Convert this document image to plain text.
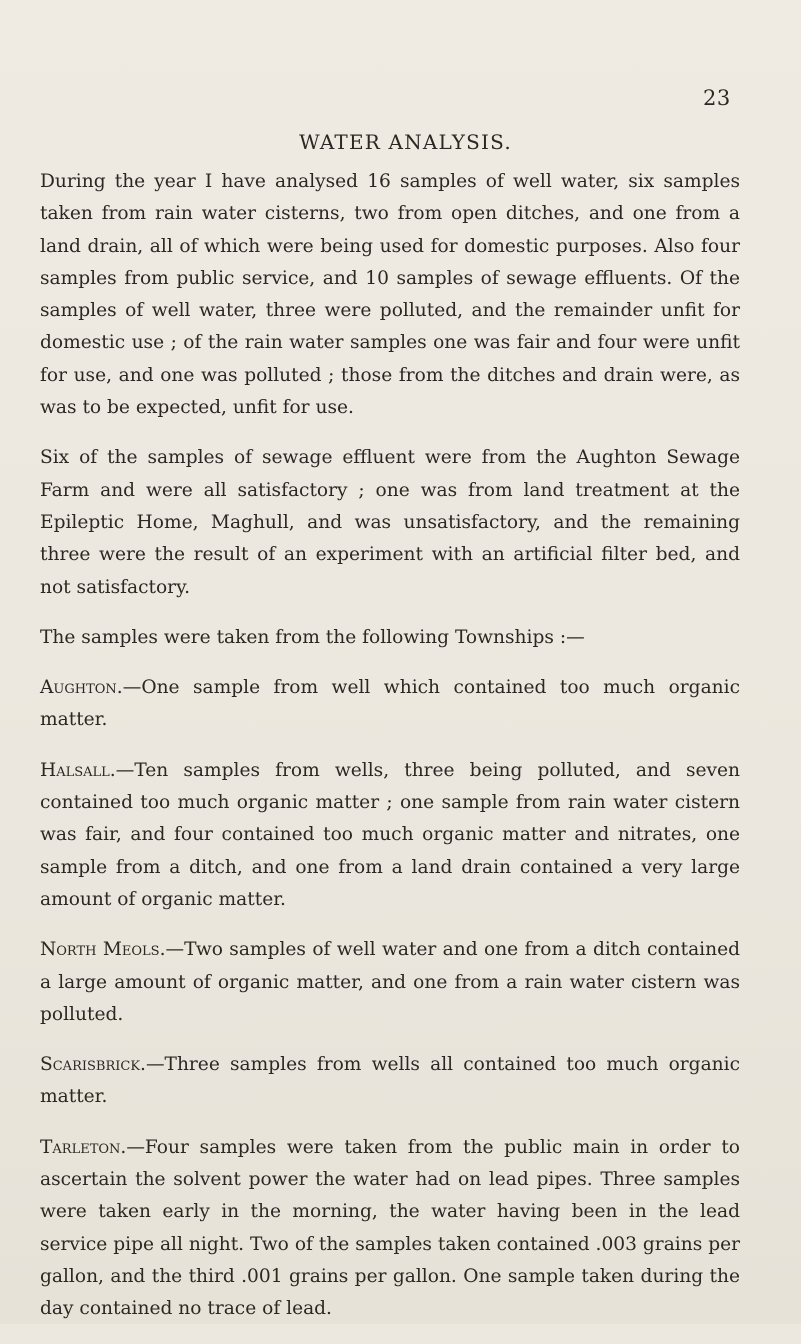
23
WATER ANALYSIS.

During the year I have analysed 16 samples of well water, six samples taken from rain water cisterns, two from open ditches, and one from a land drain, all of which were being used for domestic purposes. Also four samples from public service, and 10 samples of sewage effluents. Of the samples of well water, three were polluted, and the remainder unfit for domestic use ; of the rain water samples one was fair and four were unfit for use, and one was polluted ; those from the ditches and drain were, as was to be expected, unfit for use.

Six of the samples of sewage effluent were from the Aughton Sewage Farm and were all satisfactory ; one was from land treatment at the Epileptic Home, Maghull, and was unsatisfactory, and the remaining three were the result of an experiment with an artificial filter bed, and not satisfactory.

The samples were taken from the following Townships :—

Aughton.—One sample from well which contained too much organic matter.

Halsall.—Ten samples from wells, three being polluted, and seven contained too much organic matter ; one sample from rain water cistern was fair, and four contained too much organic matter and nitrates, one sample from a ditch, and one from a land drain contained a very large amount of organic matter.

North Meols.—Two samples of well water and one from a ditch contained a large amount of organic matter, and one from a rain water cistern was polluted.

Scarisbrick.—Three samples from wells all contained too much organic matter.

Tarleton.—Four samples were taken from the public main in order to ascertain the solvent power the water had on lead pipes. Three samples were taken early in the morning, the water having been in the lead service pipe all night. Two of the samples taken contained .003 grains per gallon, and the third .001 grains per gallon. One sample taken during the day contained no trace of lead.
